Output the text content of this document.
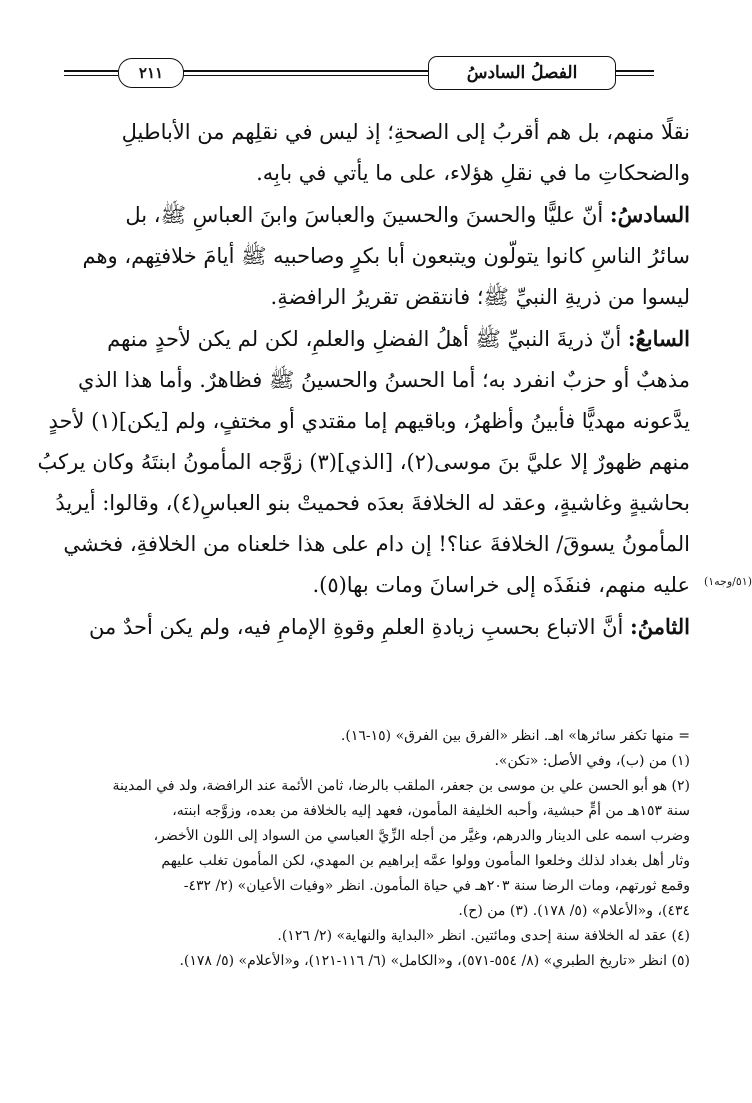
الفصلُ السادسُ
٢١١

نقلًا منهم، بل هم أقربُ إلى الصحةِ؛ إذ ليس في نقلِهم من الأباطيلِ
والضحكاتِ ما في نقلِ هؤلاء، على ما يأتي في بابِه.

السادسُ: أنّ عليًّا والحسنَ والحسينَ والعباسَ وابنَ العباسِ ﷺ، بل
سائرُ الناسِ كانوا يتولّون ويتبعون أبا بكرٍ وصاحبيه ﷺ أيامَ خلافتِهم، وهم
ليسوا من ذريةِ النبيِّ ﷺ؛ فانتقض تقريرُ الرافضةِ.

السابعُ: أنّ ذريةَ النبيِّ ﷺ أهلُ الفضلِ والعلمِ، لكن لم يكن لأحدٍ منهم
مذهبٌ أو حزبٌ انفرد به؛ أما الحسنُ والحسينُ ﷺ فظاهرٌ. وأما هذا الذي
يدَّعونه مهديًّا فأبينُ وأظهرُ، وباقيهم إما مقتدي أو مختفٍ، ولم [يكن](١) لأحدٍ
منهم ظهورٌ إلا عليَّ بنَ موسى(٢)، [الذي](٣) زوَّجه المأمونُ ابنتَهُ وكان يركبُ
بحاشيةٍ وغاشيةٍ، وعقد له الخلافةَ بعدَه فحميتْ بنو العباسِ(٤)، وقالوا: أيريدُ
المأمونُ يسوقَ/ الخلافةَ عنا؟! إن دام على هذا خلعناه من الخلافةِ، فخشي
عليه منهم، فنفَذَه إلى خراسانَ ومات بها(٥).

الثامنُ: أنَّ الاتباع بحسبِ زيادةِ العلمِ وقوةِ الإمامِ فيه، ولم يكن أحدٌ من

(٥١/وجه١)
= منها تكفر سائرها» اهـ. انظر «الفرق بين الفرق» (١٥-١٦).
(١) من (ب)، وفي الأصل: «تكن».
(٢) هو أبو الحسن علي بن موسى بن جعفر، الملقب بالرضا، ثامن الأئمة عند الرافضة، ولد في المدينة
سنة ١٥٣هـ من أمٍّ حبشية، وأحبه الخليفة المأمون، فعهد إليه بالخلافة من بعده، وزوَّجه ابنته،
وضرب اسمه على الدينار والدرهم، وغيَّر من أجله الزِّيَّ العباسي من السواد إلى اللون الأخضر،
وثار أهل بغداد لذلك وخلعوا المأمون وولوا عمَّه إبراهيم بن المهدي، لكن المأمون تغلب عليهم
وقمع ثورتهم، ومات الرضا سنة ٢٠٣هـ في حياة المأمون. انظر «وفيات الأعيان» (٢/ ٤٣٢-
٤٣٤)، و«الأعلام» (٥/ ١٧٨). (٣) من (ح).
(٤) عقد له الخلافة سنة إحدى ومائتين. انظر «البداية والنهاية» (٢/ ١٢٦).
(٥) انظر «تاريخ الطبري» (٨/ ٥٥٤-٥٧١)، و«الكامل» (٦/ ١١٦-١٢١)، و«الأعلام» (٥/ ١٧٨).
